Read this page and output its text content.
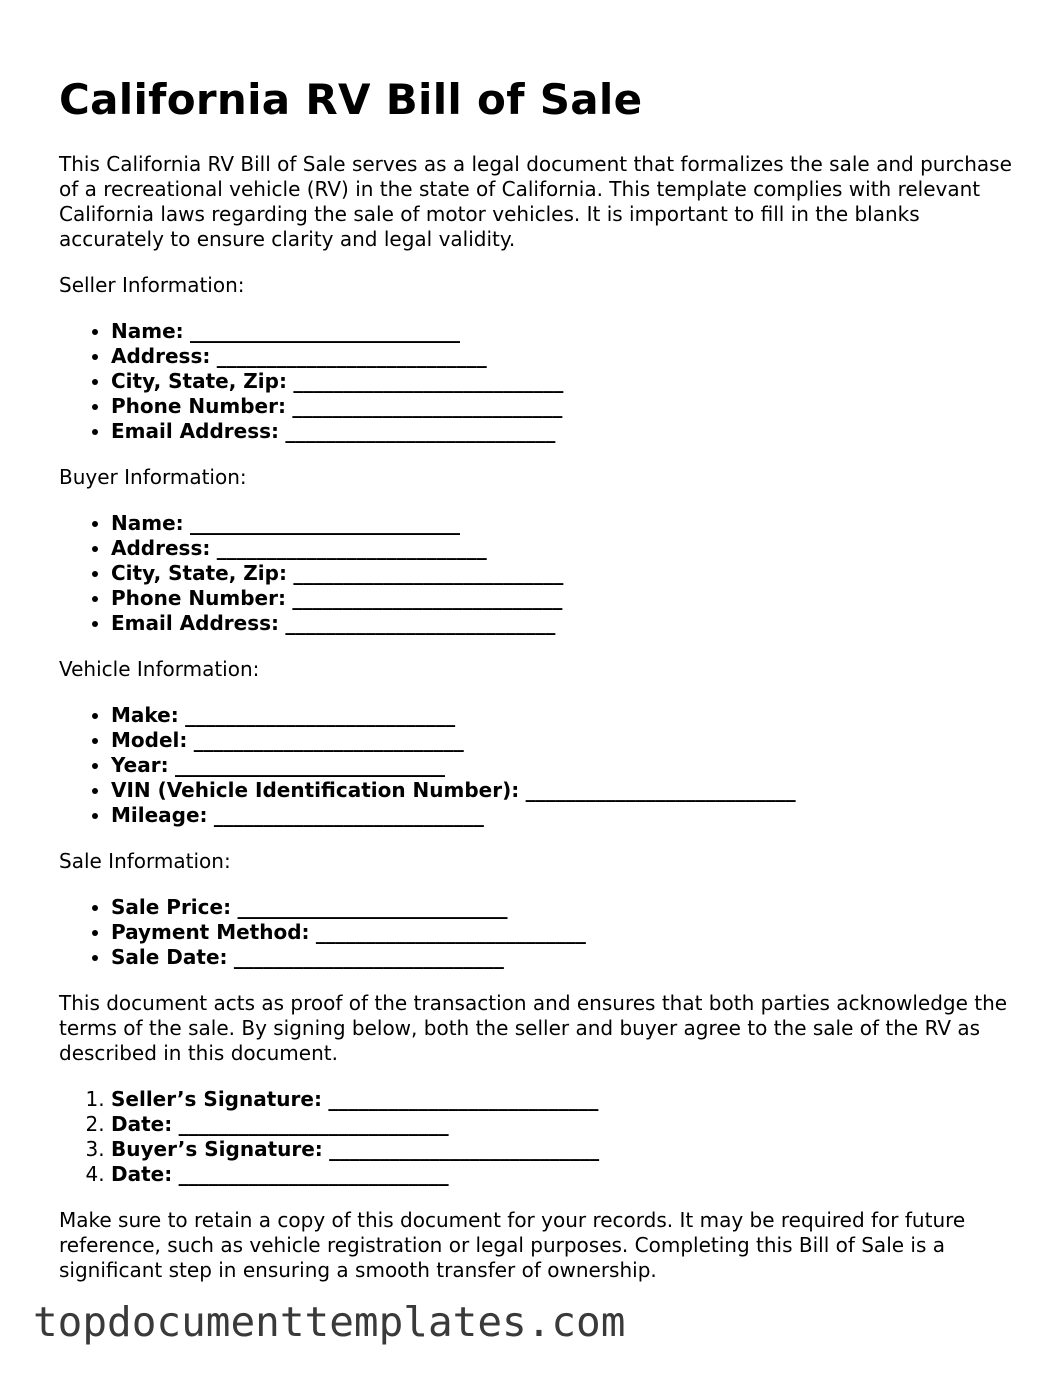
California RV Bill of Sale

This California RV Bill of Sale serves as a legal document that formalizes the sale and purchase of a recreational vehicle (RV) in the state of California. This template complies with relevant California laws regarding the sale of motor vehicles. It is important to fill in the blanks accurately to ensure clarity and legal validity.

Seller Information:

• Name: ___________________________
• Address: ___________________________
• City, State, Zip: ___________________________
• Phone Number: ___________________________
• Email Address: ___________________________

Buyer Information:

• Name: ___________________________
• Address: ___________________________
• City, State, Zip: ___________________________
• Phone Number: ___________________________
• Email Address: ___________________________

Vehicle Information:

• Make: ___________________________
• Model: ___________________________
• Year: ___________________________
• VIN (Vehicle Identification Number): ___________________________
• Mileage: ___________________________

Sale Information:

• Sale Price: ___________________________
• Payment Method: ___________________________
• Sale Date: ___________________________

This document acts as proof of the transaction and ensures that both parties acknowledge the terms of the sale. By signing below, both the seller and buyer agree to the sale of the RV as described in this document.

1. Seller’s Signature: ___________________________
2. Date: ___________________________
3. Buyer’s Signature: ___________________________
4. Date: ___________________________

Make sure to retain a copy of this document for your records. It may be required for future reference, such as vehicle registration or legal purposes. Completing this Bill of Sale is a significant step in ensuring a smooth transfer of ownership.

topdocumenttemplates.com
